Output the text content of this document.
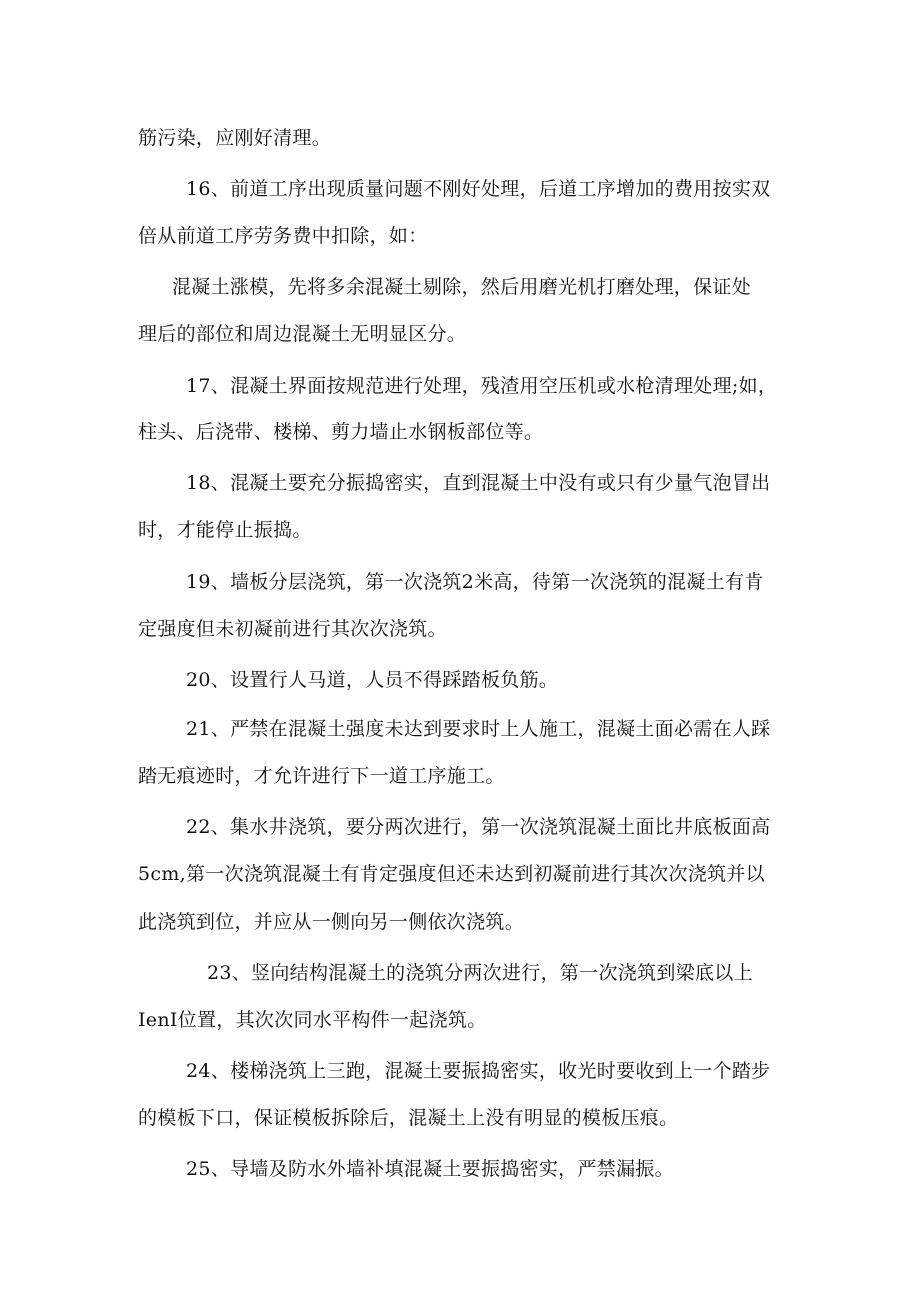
筋污染，应刚好清理。
16、前道工序出现质量问题不刚好处理，后道工序增加的费用按实双
倍从前道工序劳务费中扣除，如：
混凝土涨模，先将多余混凝土剔除，然后用磨光机打磨处理，保证处
理后的部位和周边混凝土无明显区分。
17、混凝土界面按规范进行处理，残渣用空压机或水枪清理处理;如，
柱头、后浇带、楼梯、剪力墙止水钢板部位等。
18、混凝土要充分振捣密实，直到混凝土中没有或只有少量气泡冒出
时，才能停止振捣。
19、墙板分层浇筑，第一次浇筑2米高，待第一次浇筑的混凝土有肯
定强度但未初凝前进行其次次浇筑。
20、设置行人马道，人员不得踩踏板负筋。
21、严禁在混凝土强度未达到要求时上人施工，混凝土面必需在人踩
踏无痕迹时，才允许进行下一道工序施工。
22、集水井浇筑，要分两次进行，第一次浇筑混凝土面比井底板面高
5cm,第一次浇筑混凝土有肯定强度但还未达到初凝前进行其次次浇筑并以
此浇筑到位，并应从一侧向另一侧依次浇筑。
23、竖向结构混凝土的浇筑分两次进行，第一次浇筑到梁底以上
IenI位置，其次次同水平构件一起浇筑。
24、楼梯浇筑上三跑，混凝土要振捣密实，收光时要收到上一个踏步
的模板下口，保证模板拆除后，混凝土上没有明显的模板压痕。
25、导墙及防水外墙补填混凝土要振捣密实，严禁漏振。
